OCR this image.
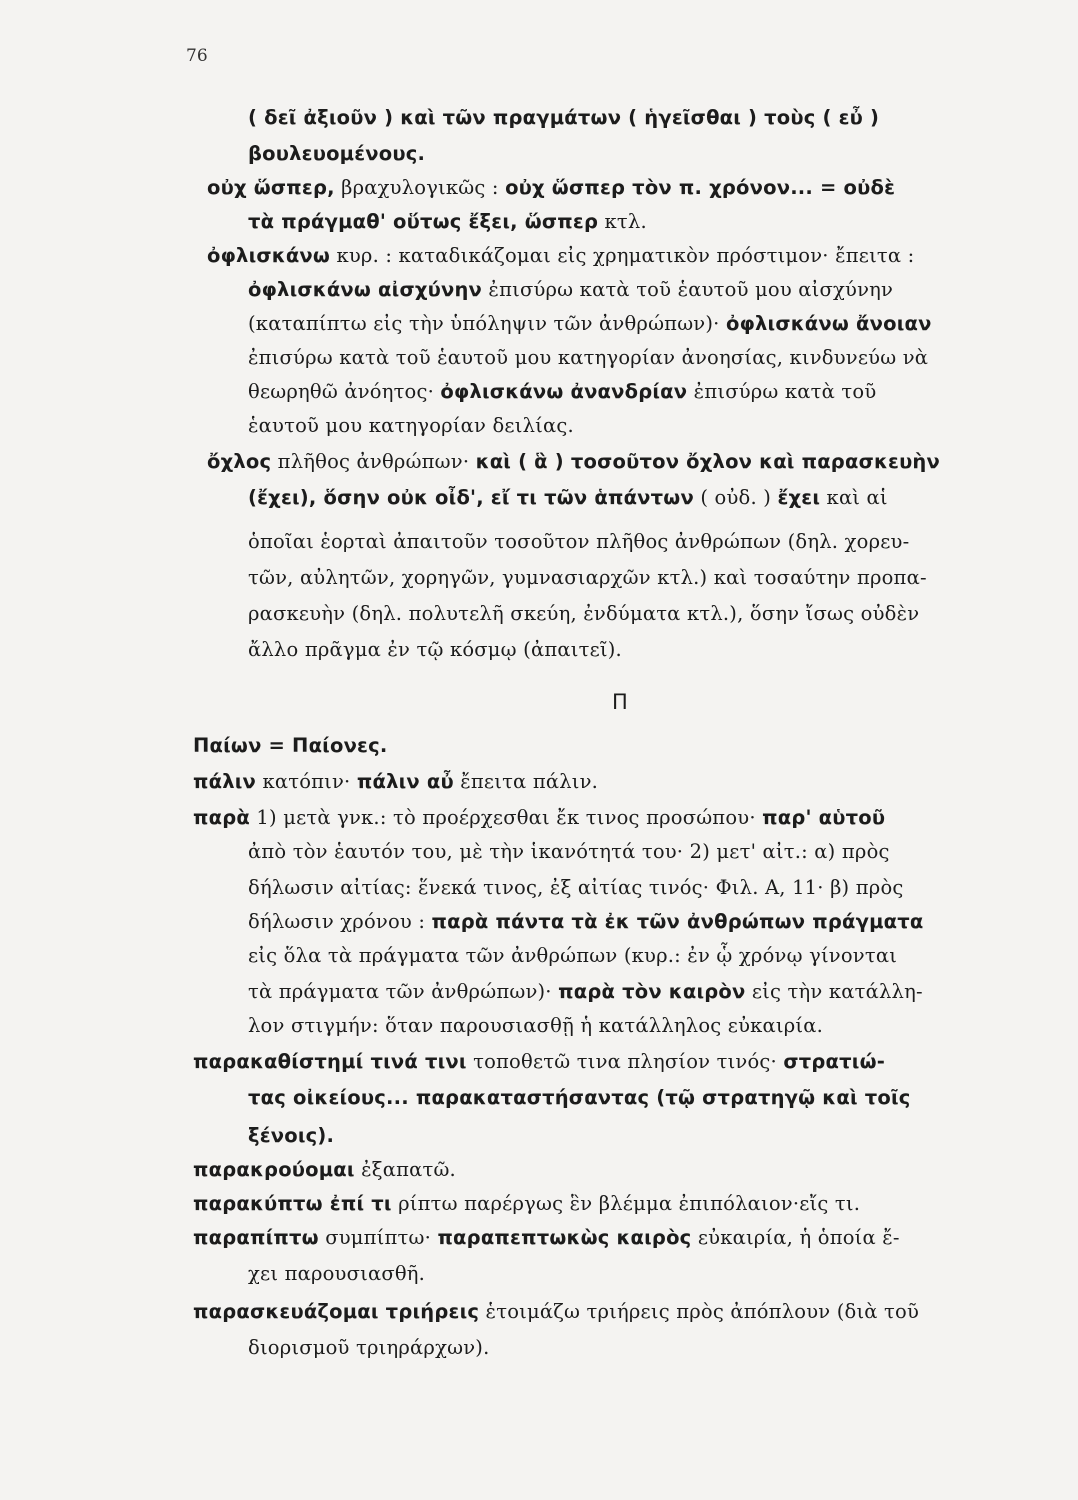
76
( δεῖ ἀξιοῦν ) καὶ τῶν πραγμάτων ( ἡγεῖσθαι ) τοὺς ( εὖ )
βουλευομένους.
οὐχ ὥσπερ, βραχυλογικῶς : οὐχ ὥσπερ τὸν π. χρόνον... = οὐδὲ
τὰ πράγμαθ' οὕτως ἔξει, ὥσπερ κτλ.
ὀφλισκάνω κυρ. : καταδικάζομαι εἰς χρηματικὸν πρόστιμον· ἔπειτα :
ὀφλισκάνω αἰσχύνην ἐπισύρω κατὰ τοῦ ἑαυτοῦ μου αἰσχύνην
(καταπίπτω εἰς τὴν ὑπόληψιν τῶν ἀνθρώπων)· ὀφλισκάνω ἄνοιαν
ἐπισύρω κατὰ τοῦ ἑαυτοῦ μου κατηγορίαν ἀνοησίας, κινδυνεύω νὰ
θεωρηθῶ ἀνόητος· ὀφλισκάνω ἀνανδρίαν ἐπισύρω κατὰ τοῦ
ἑαυτοῦ μου κατηγορίαν δειλίας.
ὄχλος πλῆθος ἀνθρώπων· καὶ ( ἃ ) τοσοῦτον ὄχλον καὶ παρασκευὴν
(ἔχει), ὅσην οὐκ οἶδ', εἴ τι τῶν ἁπάντων ( οὐδ. ) ἔχει καὶ αἱ
ὁποῖαι ἑορταὶ ἀπαιτοῦν τοσοῦτον πλῆθος ἀνθρώπων (δηλ. χορευ-
τῶν, αὐλητῶν, χορηγῶν, γυμνασιαρχῶν κτλ.) καὶ τοσαύτην προπα-
ρασκευὴν (δηλ. πολυτελῆ σκεύη, ἐνδύματα κτλ.), ὅσην ἴσως οὐδὲν
ἄλλο πρᾶγμα ἐν τῷ κόσμῳ (ἀπαιτεῖ).
Παίων = Παίονες.
πάλιν κατόπιν· πάλιν αὖ ἔπειτα πάλιν.
παρὰ 1) μετὰ γνκ.: τὸ προέρχεσθαι ἔκ τινος προσώπου· παρ' αὑτοῦ
ἀπὸ τὸν ἑαυτόν του, μὲ τὴν ἱκανότητά του· 2) μετ' αἰτ.: α) πρὸς
δήλωσιν αἰτίας: ἕνεκά τινος, ἐξ αἰτίας τινός· Φιλ. Α, 11· β) πρὸς
δήλωσιν χρόνου : παρὰ πάντα τὰ ἐκ τῶν ἀνθρώπων πράγματα
εἰς ὅλα τὰ πράγματα τῶν ἀνθρώπων (κυρ.: ἐν ᾧ χρόνῳ γίνονται
τὰ πράγματα τῶν ἀνθρώπων)· παρὰ τὸν καιρὸν εἰς τὴν κατάλλη-
λον στιγμήν: ὅταν παρουσιασθῇ ἡ κατάλληλος εὐκαιρία.
παρακαθίστημί τινά τινι τοποθετῶ τινα πλησίον τινός· στρατιώ-
τας οἰκείους... παρακαταστήσαντας (τῷ στρατηγῷ καὶ τοῖς
ξένοις).
παρακρούομαι ἐξαπατῶ.
παρακύπτω ἐπί τι ρίπτω παρέργως ἓν βλέμμα ἐπιπόλαιον·εἴς τι.
παραπίπτω συμπίπτω· παραπεπτωκὼς καιρὸς εὐκαιρία, ἡ ὁποία ἔ-
χει παρουσιασθῆ.
παρασκευάζομαι τριήρεις ἑτοιμάζω τριήρεις πρὸς ἀπόπλουν (διὰ τοῦ
διορισμοῦ τριηράρχων).
Π
